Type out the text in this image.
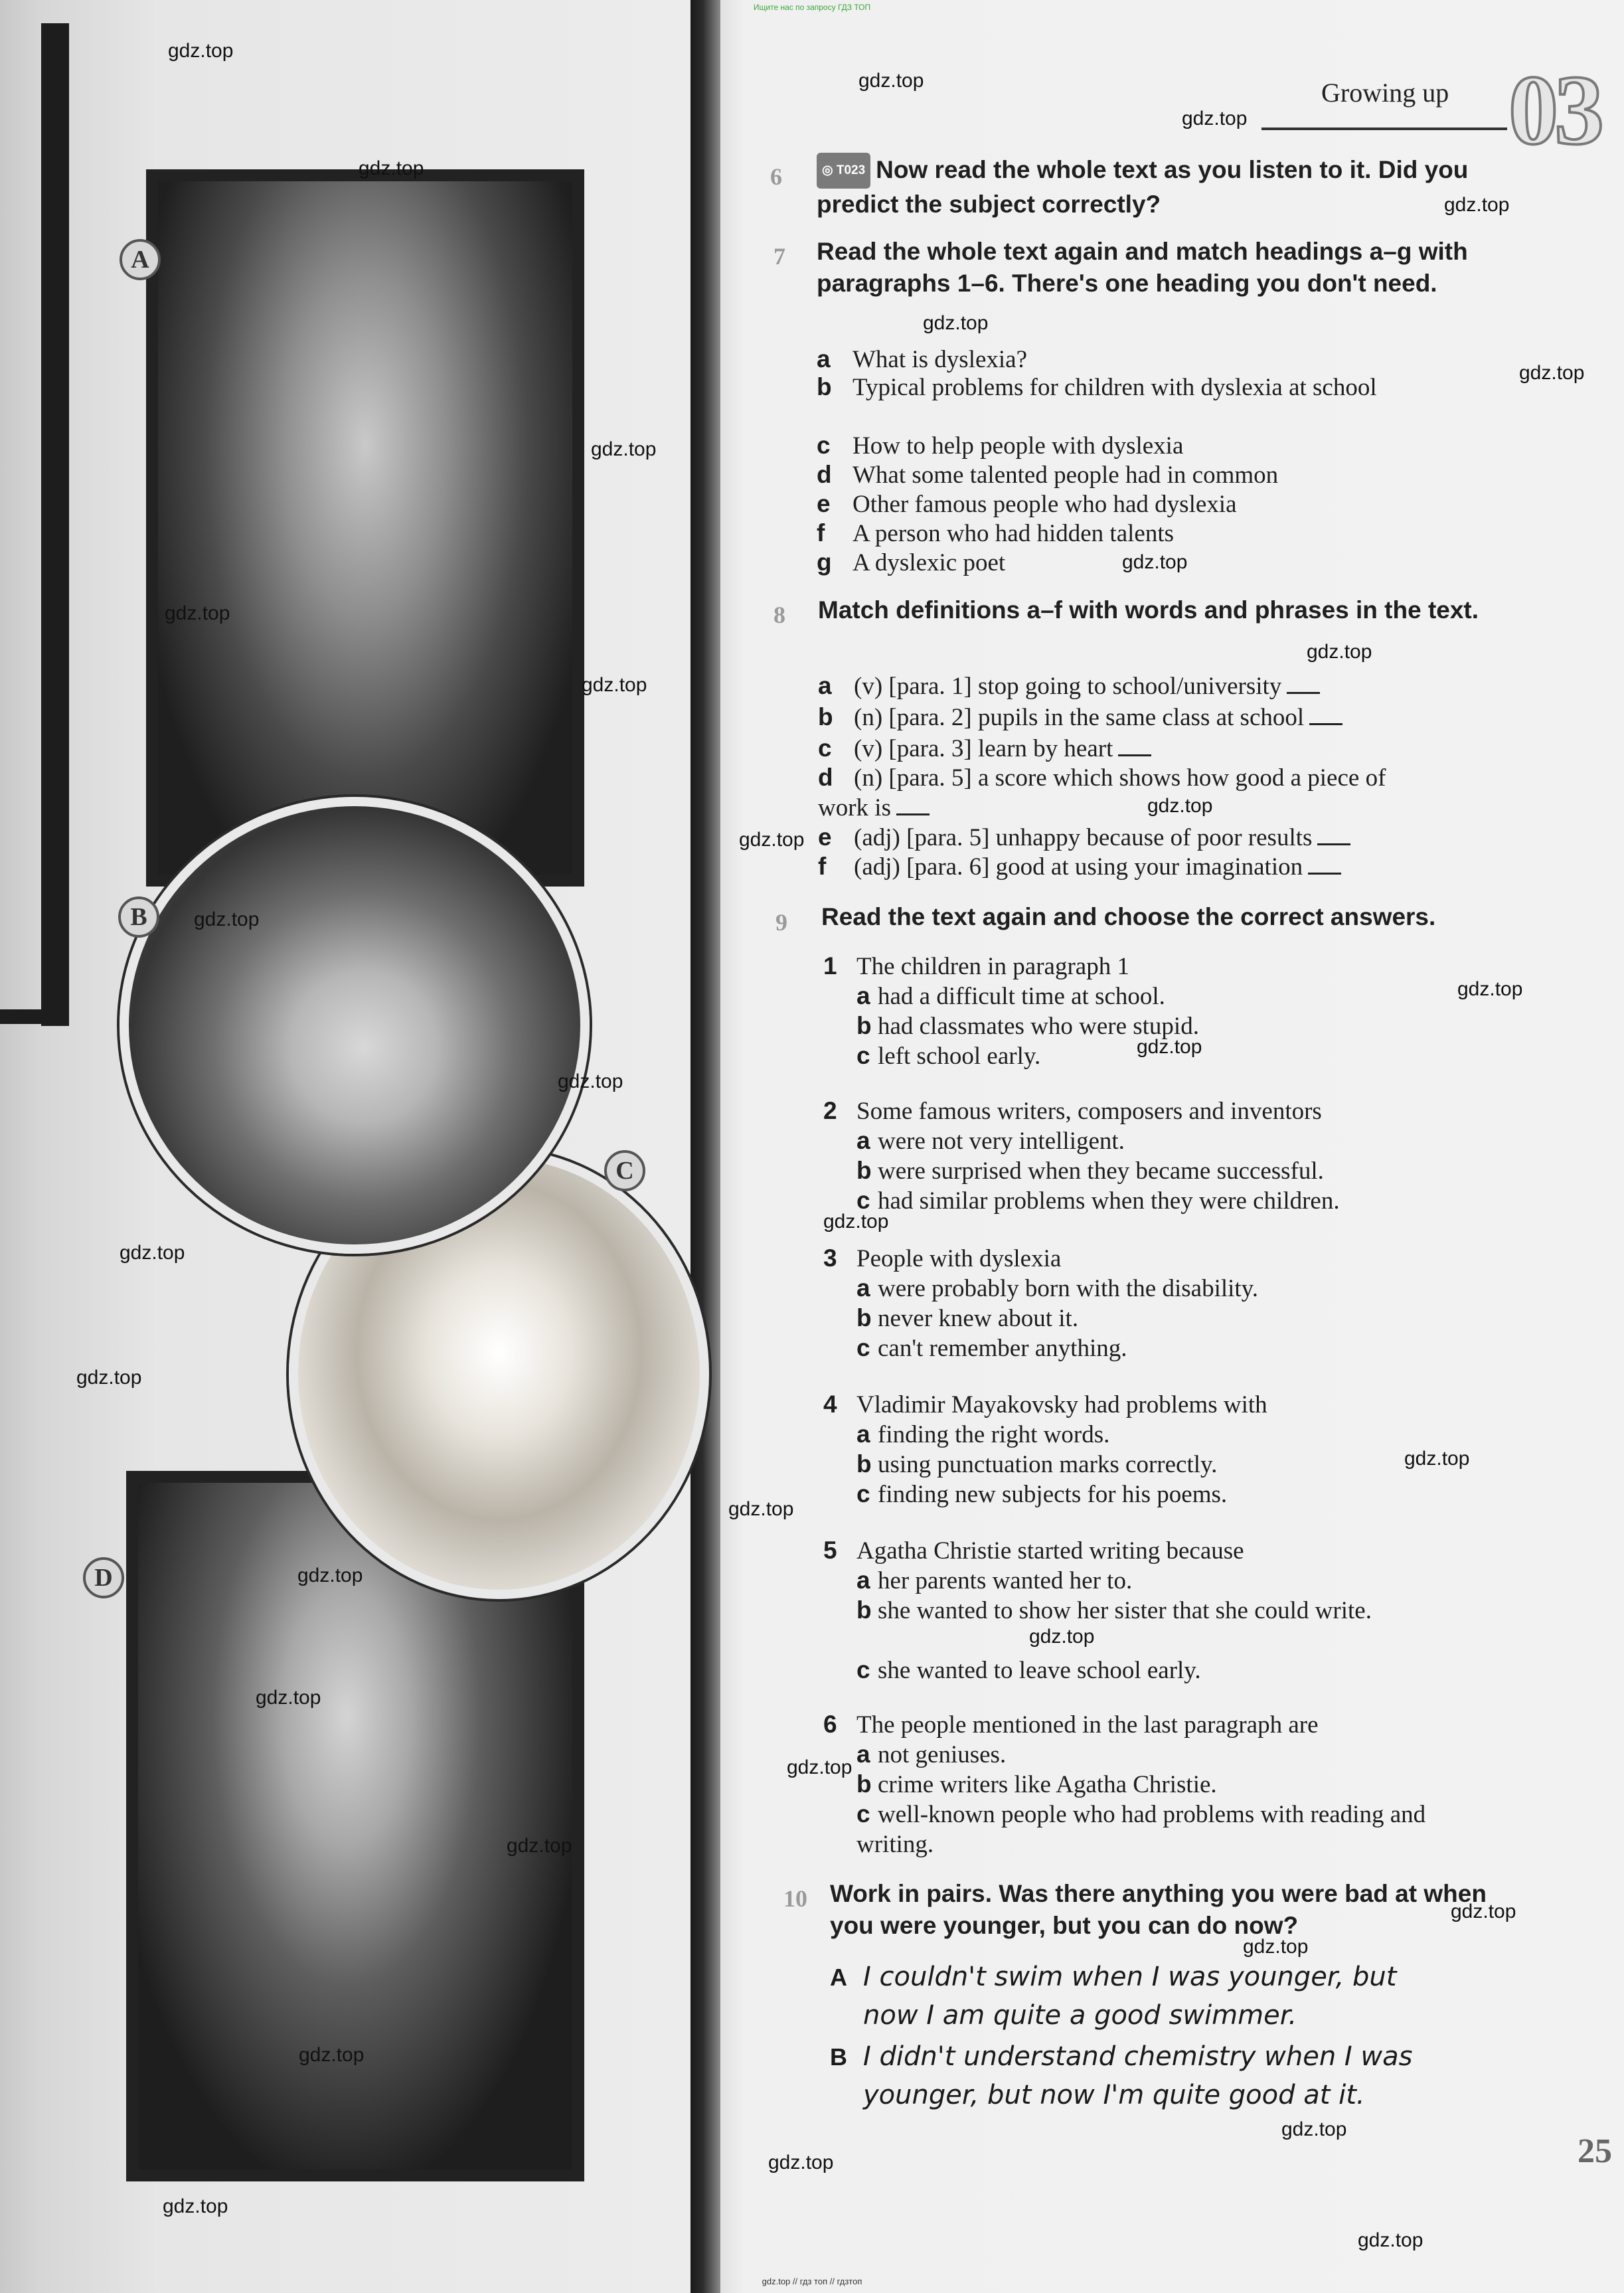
Ищите нас по запросу ГДЗ ТОП
A
D
C
B
Growing up 03
6	◎ T023 Now read the whole text as you listen to it. Did you predict the subject correctly?
7 Read the whole text again and match headings a–g with paragraphs 1–6. There's one heading you don't need.
a What is dyslexia?
b Typical problems for children with dyslexia at school
c How to help people with dyslexia
d What some talented people had in common
e Other famous people who had dyslexia
f A person who had hidden talents
g A dyslexic poet
8 Match definitions a–f with words and phrases in the text.
a (v) [para. 1] stop going to school/university
b (n) [para. 2] pupils in the same class at school
c (v) [para. 3] learn by heart
d (n) [para. 5] a score which shows how good a piece of work is
e (adj) [para. 5] unhappy because of poor results
f (adj) [para. 6] good at using your imagination
9 Read the text again and choose the correct answers.
1 The children in paragraph 1
a had a difficult time at school.
b had classmates who were stupid.
c left school early.
2 Some famous writers, composers and inventors
a were not very intelligent.
b were surprised when they became successful.
c had similar problems when they were children.
3 People with dyslexia
a were probably born with the disability.
b never knew about it.
c can't remember anything.
4 Vladimir Mayakovsky had problems with
a finding the right words.
b using punctuation marks correctly.
c finding new subjects for his poems.
5 Agatha Christie started writing because
a her parents wanted her to.
b she wanted to show her sister that she could write.
c she wanted to leave school early.
6 The people mentioned in the last paragraph are
a not geniuses.
b crime writers like Agatha Christie.
c well-known people who had problems with reading and writing.
10 Work in pairs. Was there anything you were bad at when you were younger, but you can do now?
A I couldn't swim when I was younger, but
now I am quite a good swimmer.
B I didn't understand chemistry when I was
younger, but now I'm quite good at it.
25
gdz.top // гдз топ // гдзтоп
gdz.top
gdz.top
gdz.top
gdz.top
gdz.top
gdz.top
gdz.top
gdz.top
gdz.top
gdz.top
gdz.top
gdz.top
gdz.top
gdz.top
gdz.top
gdz.top
gdz.top
gdz.top
gdz.top
gdz.top
gdz.top
gdz.top
gdz.top
gdz.top
gdz.top
gdz.top
gdz.top
gdz.top
gdz.top
gdz.top
gdz.top
gdz.top
gdz.top
gdz.top
gdz.top
